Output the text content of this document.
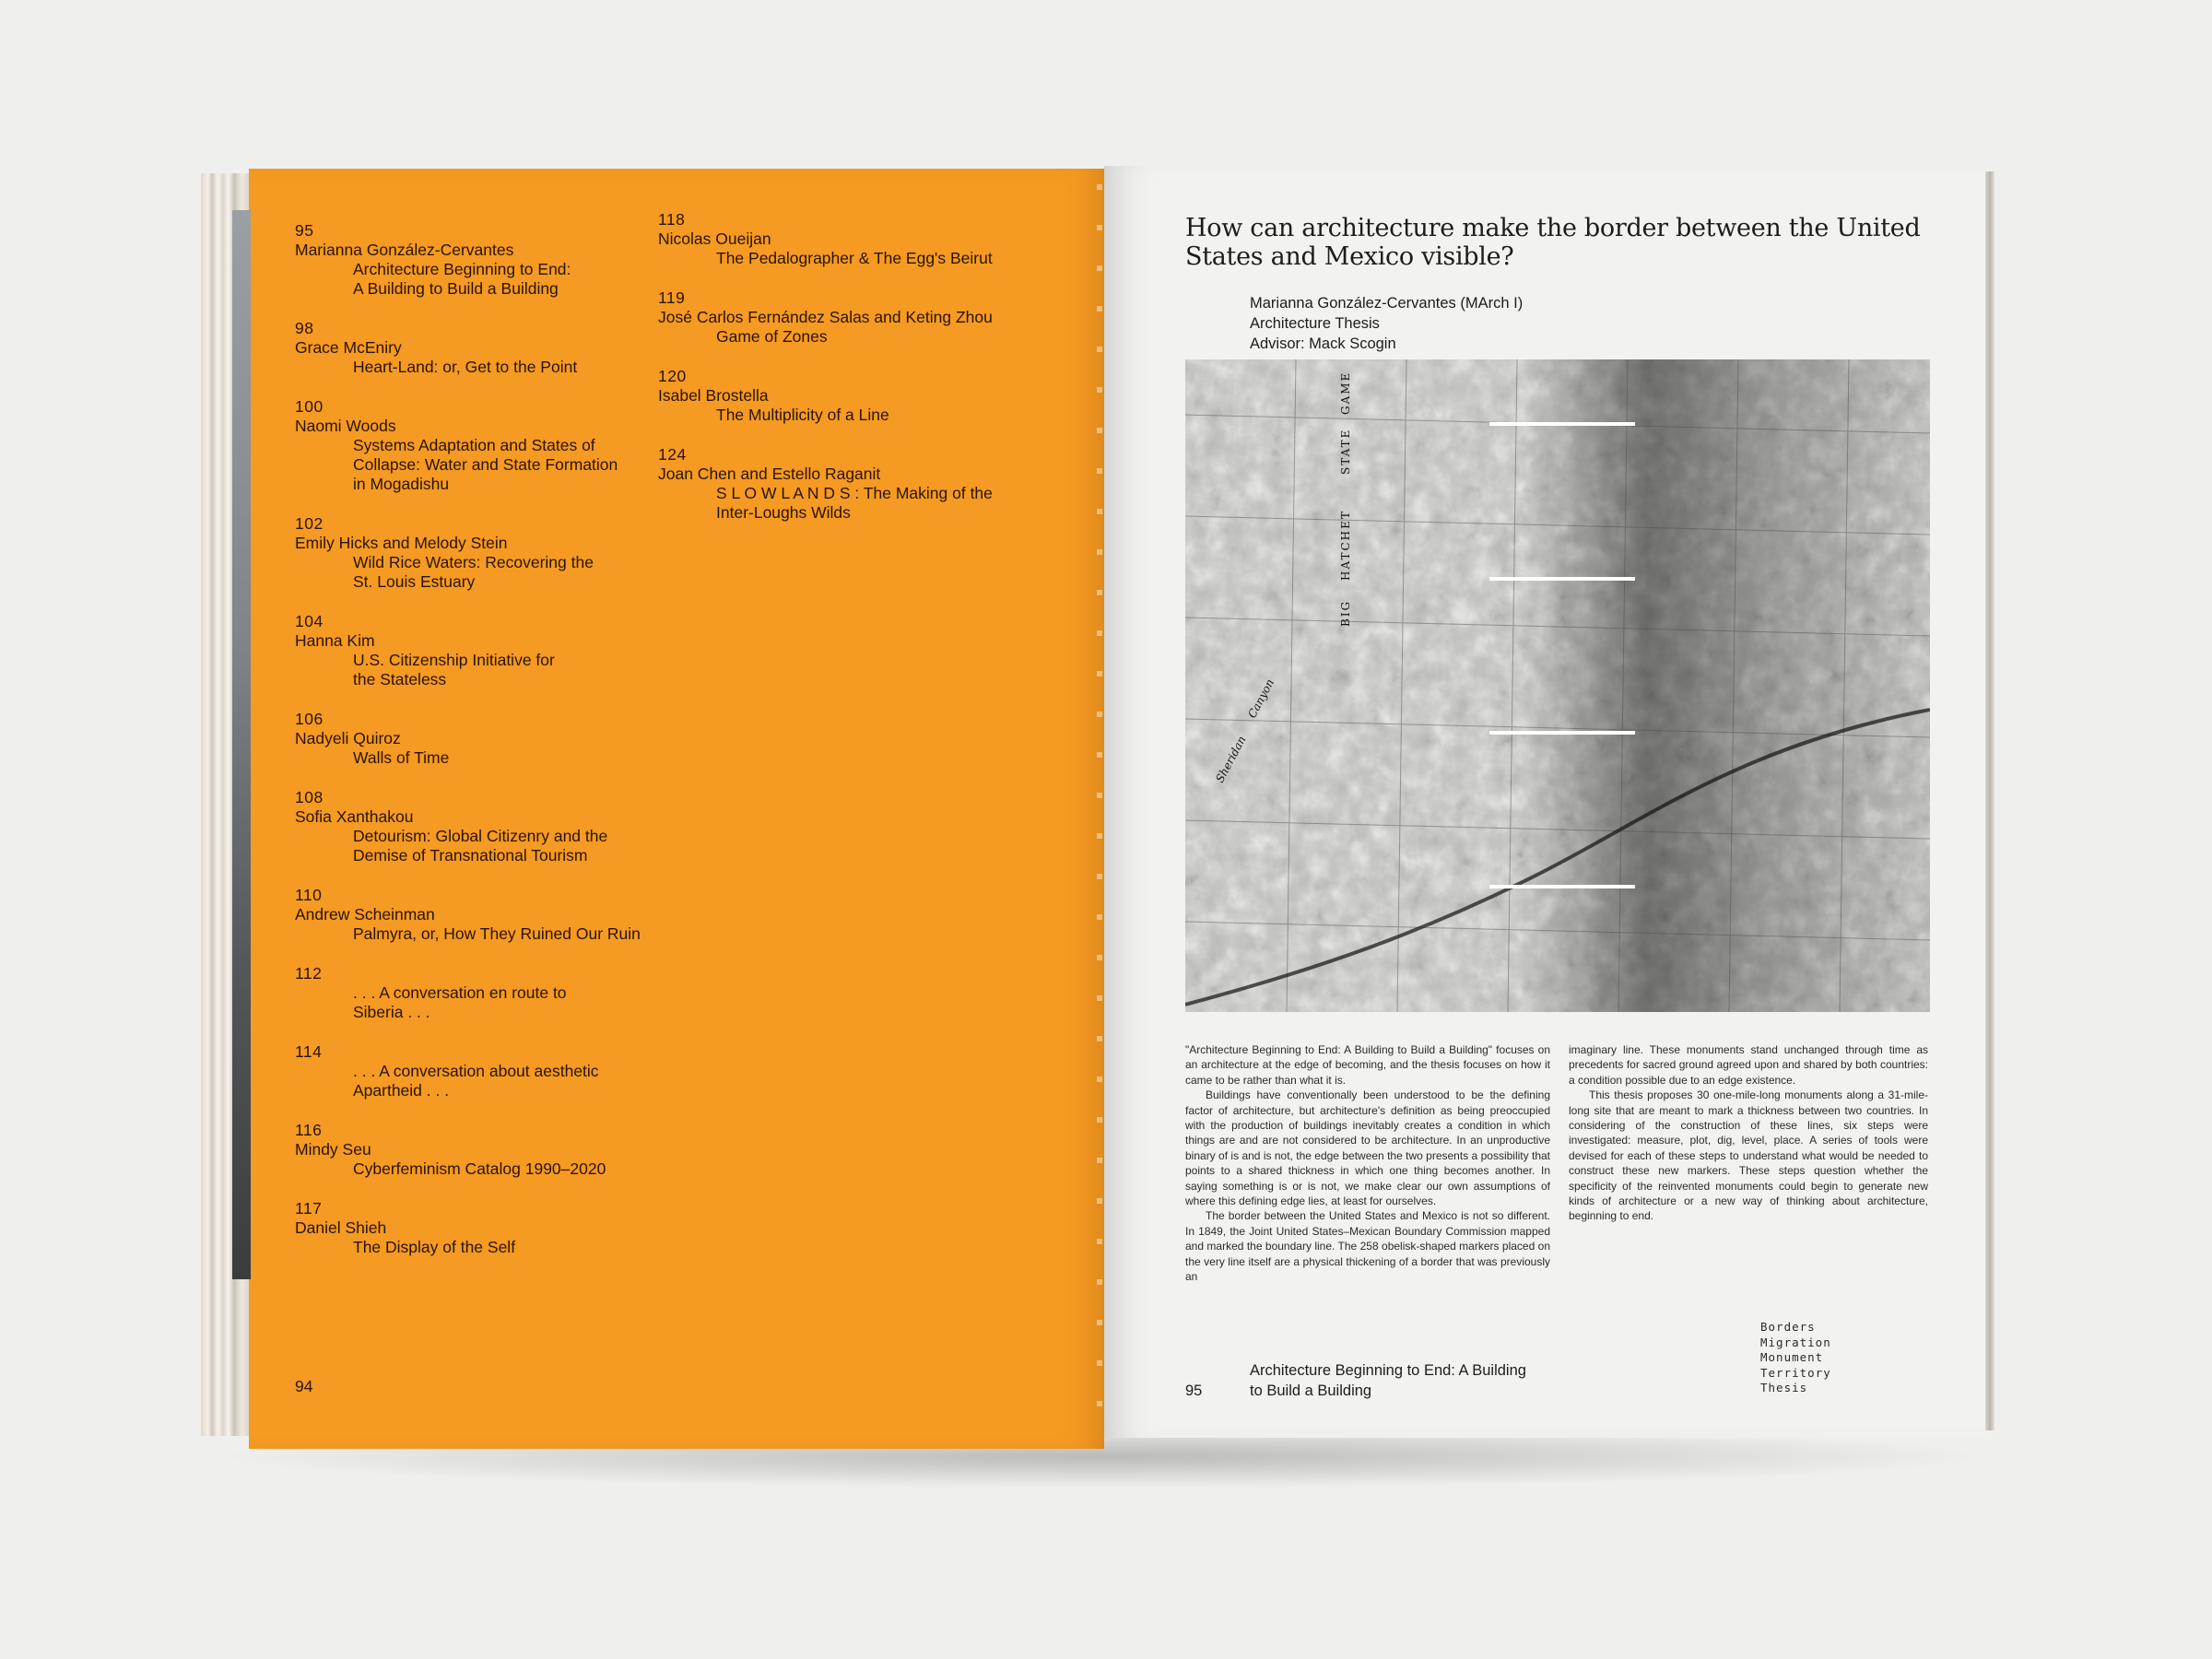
95
Marianna González-Cervantes
Architecture Beginning to End:
A Building to Build a Building
98
Grace McEniry
Heart-Land: or, Get to the Point
100
Naomi Woods
Systems Adaptation and States of
Collapse: Water and State Formation
in Mogadishu
102
Emily Hicks and Melody Stein
Wild Rice Waters: Recovering the
St. Louis Estuary
104
Hanna Kim
U.S. Citizenship Initiative for
the Stateless
106
Nadyeli Quiroz
Walls of Time
108
Sofia Xanthakou
Detourism: Global Citizenry and the
Demise of Transnational Tourism
110
Andrew Scheinman
Palmyra, or, How They Ruined Our Ruin
112
. . . A conversation en route to
Siberia . . .
114
. . . A conversation about aesthetic
Apartheid . . .
116
Mindy Seu
Cyberfeminism Catalog 1990–2020
117
Daniel Shieh
The Display of the Self
118
Nicolas Oueijan
The Pedalographer & The Egg's Beirut
119
José Carlos Fernández Salas and Keting Zhou
Game of Zones
120
Isabel Brostella
The Multiplicity of a Line
124
Joan Chen and Estello Raganit
S L O W L A N D S : The Making of the
Inter-Loughs Wilds
94
How can architecture make the border between the United States and Mexico visible?
Marianna González-Cervantes (MArch I)
Architecture Thesis
Advisor: Mack Scogin
BIG
HATCHET
STATE
GAME
Canyon
Sheridan

"Architecture Beginning to End: A Building to Build a Building" focuses on an architecture at the edge of becoming, and the thesis focuses on how it came to be rather than what it is.

Buildings have conventionally been understood to be the defining factor of architecture, but architecture's definition as being preoccupied with the production of buildings inevitably creates a condition in which things are and are not considered to be architecture. In an unproductive binary of is and is not, the edge between the two presents a possibility that points to a shared thickness in which one thing becomes another. In saying something is or is not, we make clear our own assumptions of where this defining edge lies, at least for ourselves.

The border between the United States and Mexico is not so different. In 1849, the Joint United States–Mexican Boundary Commission mapped and marked the boundary line. The 258 obelisk-shaped markers placed on the very line itself are a physical thickening of a border that was previously an

imaginary line. These monuments stand unchanged through time as precedents for sacred ground agreed upon and shared by both countries: a condition possible due to an edge existence.

This thesis proposes 30 one-mile-long monuments along a 31-mile-long site that are meant to mark a thickness between two countries. In considering of the construction of these lines, six steps were investigated: measure, plot, dig, level, place. A series of tools were devised for each of these steps to understand what would be needed to construct these new markers. These steps question whether the specificity of the reinvented monuments could begin to generate new kinds of architecture or a new way of thinking about architecture, beginning to end.

Architecture Beginning to End: A Building to Build a Building
95
Borders
Migration
Monument
Territory
Thesis
